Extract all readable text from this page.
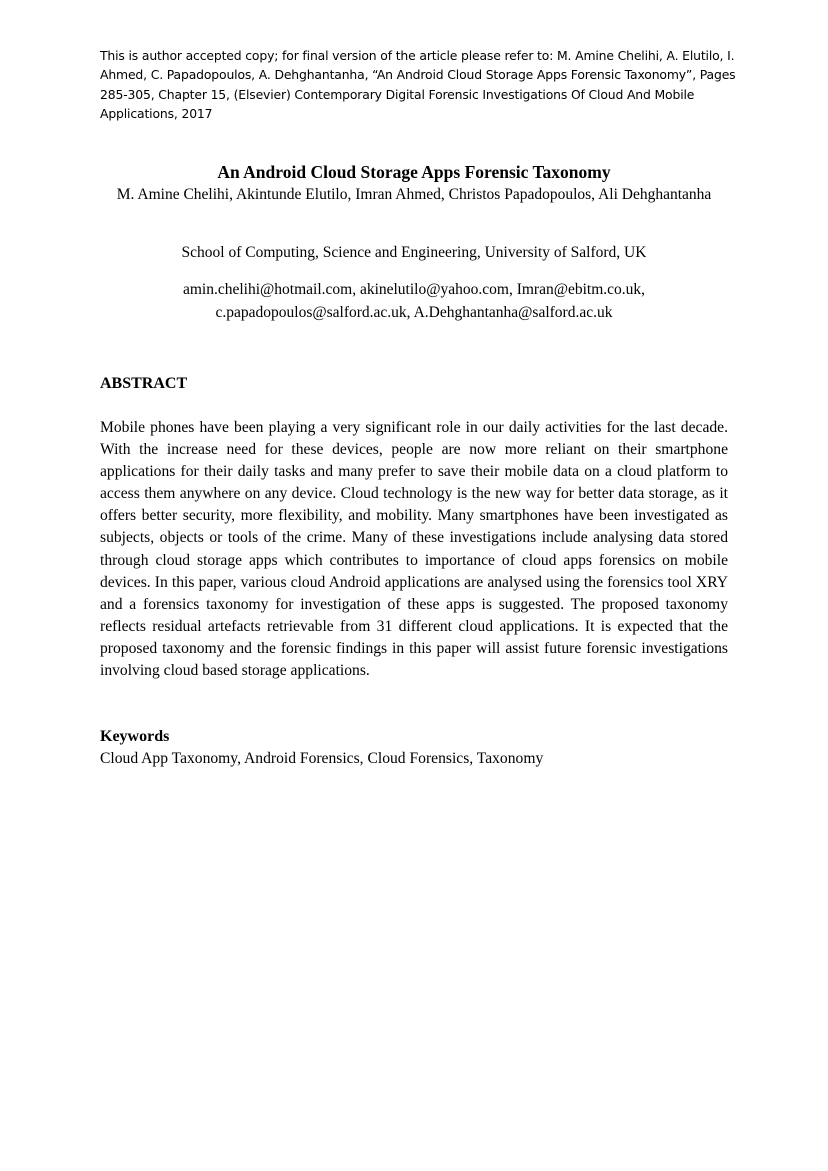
This is author accepted copy; for final version of the article please refer to: M. Amine Chelihi, A. Elutilo, I. Ahmed, C. Papadopoulos, A. Dehghantanha, “An Android Cloud Storage Apps Forensic Taxonomy”, Pages 285-305, Chapter 15, (Elsevier) Contemporary Digital Forensic Investigations Of Cloud And Mobile Applications, 2017
An Android Cloud Storage Apps Forensic Taxonomy
M. Amine Chelihi, Akintunde Elutilo, Imran Ahmed, Christos Papadopoulos, Ali Dehghantanha
School of Computing, Science and Engineering, University of Salford, UK
amin.chelihi@hotmail.com, akinelutilo@yahoo.com, Imran@ebitm.co.uk, c.papadopoulos@salford.ac.uk, A.Dehghantanha@salford.ac.uk
ABSTRACT
Mobile phones have been playing a very significant role in our daily activities for the last decade. With the increase need for these devices, people are now more reliant on their smartphone applications for their daily tasks and many prefer to save their mobile data on a cloud platform to access them anywhere on any device. Cloud technology is the new way for better data storage, as it offers better security, more flexibility, and mobility. Many smartphones have been investigated as subjects, objects or tools of the crime. Many of these investigations include analysing data stored through cloud storage apps which contributes to importance of cloud apps forensics on mobile devices. In this paper, various cloud Android applications are analysed using the forensics tool XRY and a forensics taxonomy for investigation of these apps is suggested. The proposed taxonomy reflects residual artefacts retrievable from 31 different cloud applications. It is expected that the proposed taxonomy and the forensic findings in this paper will assist future forensic investigations involving cloud based storage applications.
Keywords
Cloud App Taxonomy, Android Forensics, Cloud Forensics, Taxonomy
